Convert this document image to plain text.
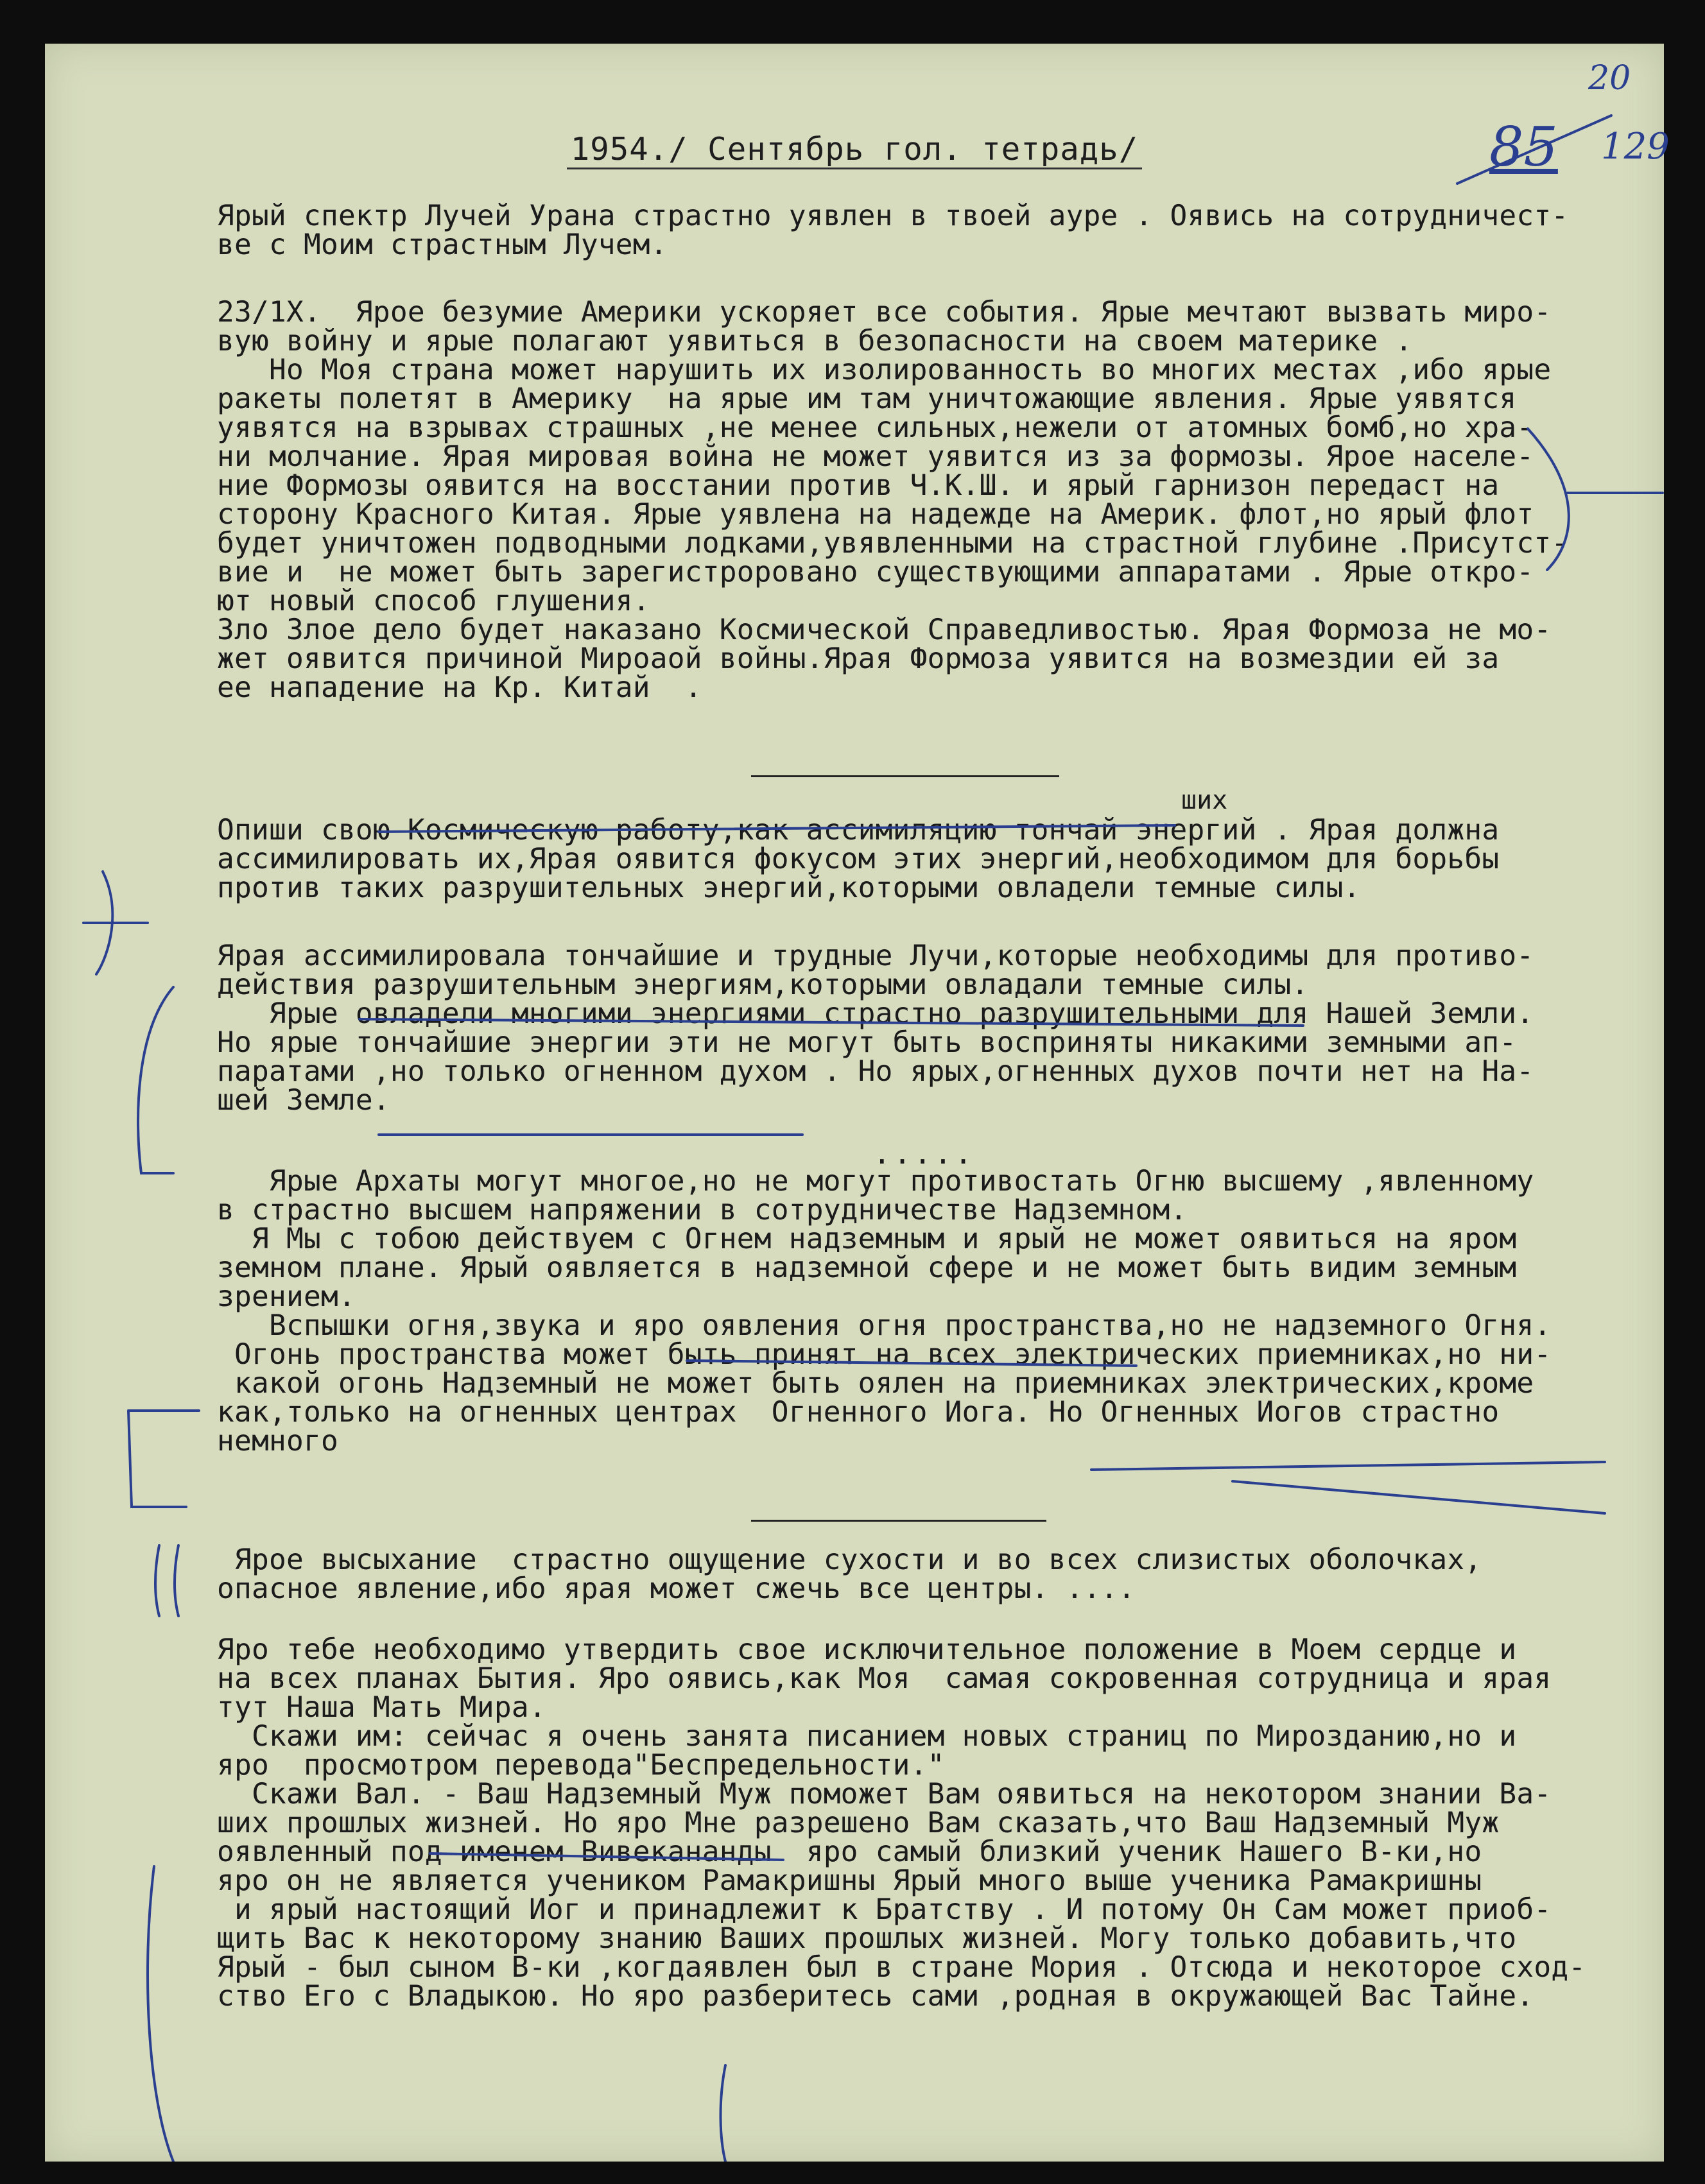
20
85 129
1954./ Сентябрь гол. тетрадь/
Ярый спектр Лучей Урана страстно уявлен в твоей ауре . Оявись на сотрудничест-
ве с Моим страстным Лучем.
23/1Х.  Ярое безумие Америки ускоряет все события. Ярые мечтают вызвать миро-
вую войну и ярые полагают уявиться в безопасности на своем материке .
Но Моя страна может нарушить их изолированность во многих местах ,ибо ярые
ракеты полетят в Америку  на ярые им там уничтожающие явления. Ярые уявятся
уявятся на взрывах страшных ,не менее сильных,нежели от атомных бомб,но хра-
ни молчание. Ярая мировая война не может уявится из за формозы. Ярое населе-
ние Формозы оявится на восстании против Ч.К.Ш. и ярый гарнизон передаст на
сторону Красного Китая. Ярые уявлена на надежде на Америк. флот,но ярый флот
будет уничтожен подводными лодками,увявленными на страстной глубине .Присутст-
вие и  не может быть зарегистророванo существующими аппаратами . Ярые откро-
ют новый способ глушения.
Зло Злое дело будет наказано Космической Справедливостью. Ярая Формоза не мо-
жет оявится причиной Мироаой войны.Ярая Формоза уявится на возмездии ей за
ее нападение на Кр. Китай  .
ших
Опиши свою Космическую работу,как ассимиляцию тончай энергий . Ярая должна
ассимилировать их,Ярая оявится фокусом этих энергий,необходимом для борьбы
против таких разрушительных энергий,которыми овладели темные силы.
Ярая ассимилировала тончайшие и трудные Лучи,которые необходимы для противо-
действия разрушительным энергиям,которыми овладали темные силы.
Ярые овладели многими энергиями страстно разрушительными для Нашей Земли.
Но ярые тончайшие энергии эти не могут быть восприняты никакими земными ап-
паратами ,но только огненном духом . Но ярых,огненных духов почти нет на На-
шей Земле.
.....
Ярые Архаты могут многое,но не могут противостать Огню высшему ,явленному
в страстно высшем напряжении в сотрудничестве Надземном.
Я Мы с тобою действуем с Огнем надземным и ярый не может оявиться на яром
земном плане. Ярый оявляется в надземной сфере и не может быть видим земным
зрением.
Вспышки огня,звука и яро оявления огня пространства,но не надземного Огня.
Огонь пространства может быть принят на всех электрических приемниках,но ни-
какой огонь Надземный не может быть оялен на приемниках электрических,кроме
как,только на огненных центрах  Огненного Иога. Но Огненных Иогов страстно
немного
Ярое высыхание  страстно ощущение сухости и во всех слизистых оболочках,
опасное явление,ибо ярая может сжечь все центры. ....
Яро тебе необходимо утвердить свое исключительное положение в Моем сердце и
на всех планах Бытия. Яро оявись,как Моя  самая сокровенная сотрудница и ярая
тут Наша Мать Мира.
Скажи им: сейчас я очень занята писанием новых страниц по Мирозданию,но и
яро  просмотром перевода"Беспредельности."
Скажи Вал. - Ваш Надземный Муж поможет Вам оявиться на некотором знании Ва-
ших прошлых жизней. Но яро Мне разрешено Вам сказать,что Ваш Надземный Муж
оявленный под именем Вивекананды  яро самый близкий ученик Нашего В-ки,но
яро он не является учеником Рамакришны Ярый много выше ученика Рамакришны
и ярый настоящий Иог и принадлежит к Братству . И потому Он Сам может приоб-
щить Вас к некоторому знанию Ваших прошлых жизней. Могу только добавить,что
Ярый - был сыном В-ки ,когдаявлен был в стране Мория . Отсюда и некоторое сход-
ство Его с Владыкою. Но яро разберитесь сами ,родная в окружающей Вас Тайне.
